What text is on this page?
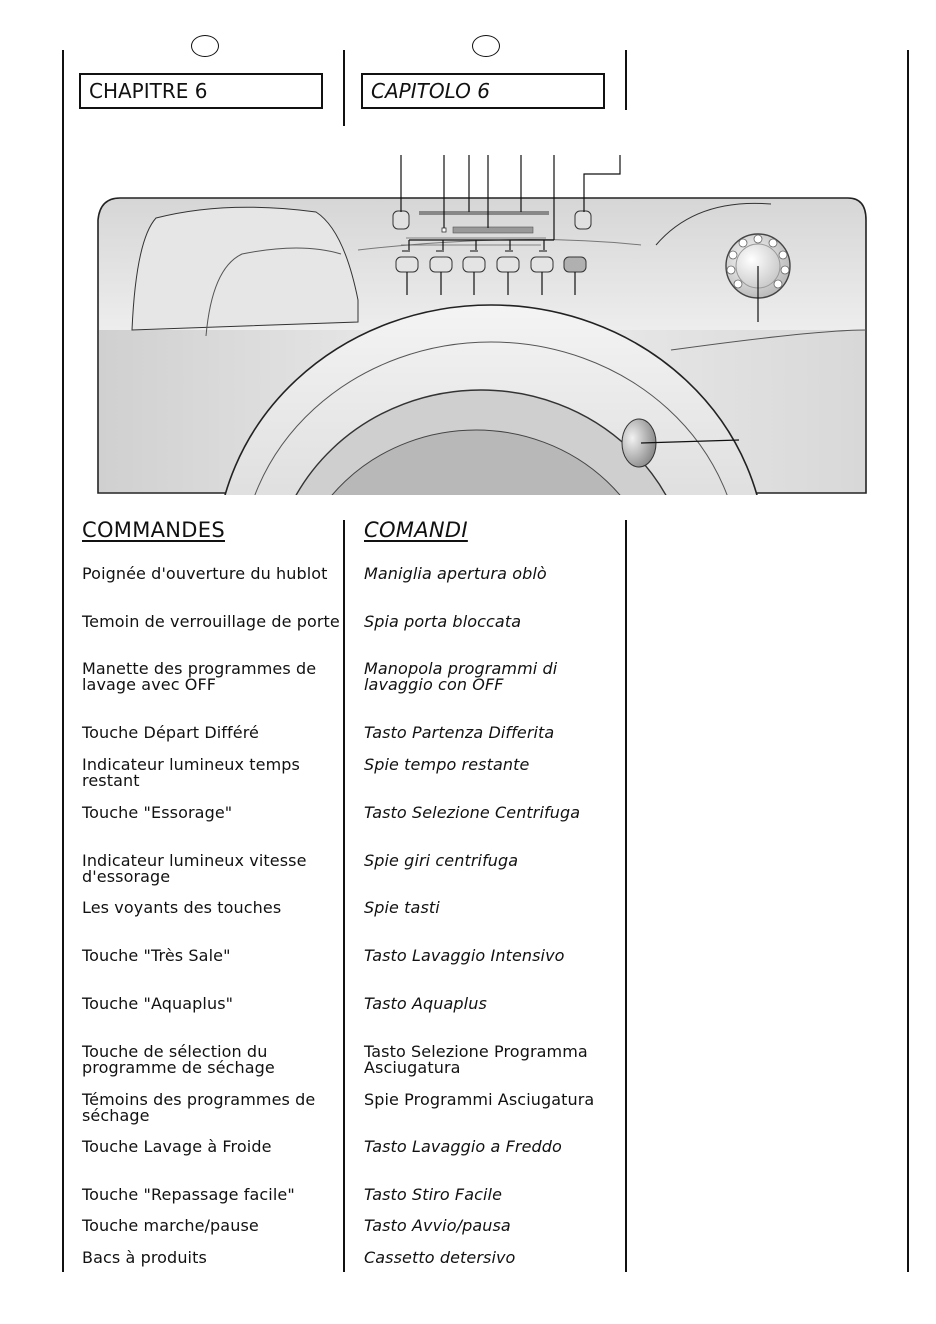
CHAPITRE 6	CAPITOLO 6
COMMANDES	COMANDI
Poignée d'ouverture du hublot
Temoin de verrouillage de porte
Manette des programmes de lavage avec OFF
Touche Départ Différé
Indicateur lumineux temps restant
Touche "Essorage"
Indicateur lumineux vitesse d'essorage
Les voyants des touches
Touche "Très Sale"
Touche "Aquaplus"
Touche de sélection du programme de séchage
Témoins des programmes de séchage
Touche Lavage à Froide
Touche "Repassage facile"
Touche marche/pause
Bacs à produits
Maniglia apertura oblò
Spia porta bloccata
Manopola programmi di lavaggio con OFF
Tasto Partenza Differita
Spie tempo restante
Tasto Selezione Centrifuga
Spie giri centrifuga
Spie tasti
Tasto Lavaggio Intensivo
Tasto Aquaplus
Tasto Selezione Programma Asciugatura
Spie Programmi Asciugatura
Tasto Lavaggio a Freddo
Tasto Stiro Facile
Tasto Avvio/pausa
Cassetto detersivo
